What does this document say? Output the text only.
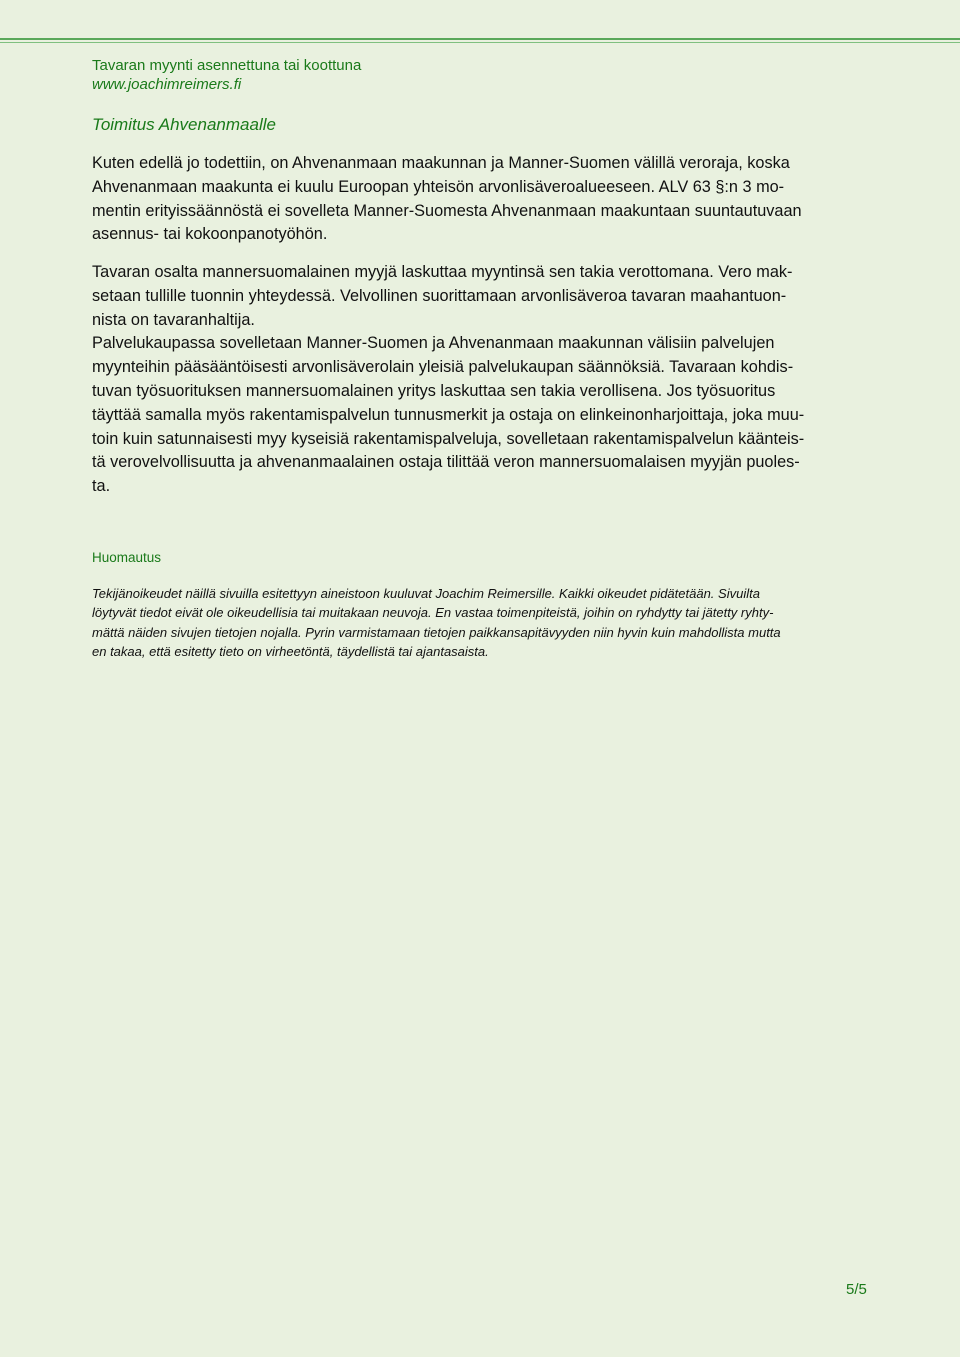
Tavaran myynti asennettuna tai koottuna
www.joachimreimers.fi
Toimitus Ahvenanmaalle

Kuten edellä jo todettiin, on Ahvenanmaan maakunnan ja Manner-Suomen välillä veroraja, koska

Ahvenanmaan maakunta ei kuulu Euroopan yhteisön arvonlisäveroalueeseen. ALV 63 §:n 3 mo-

mentin erityissäännöstä ei sovelleta Manner-Suomesta Ahvenanmaan maakuntaan suuntautuvaan

asennus- tai kokoonpanotyöhön.

Tavaran osalta mannersuomalainen myyjä laskuttaa myyntinsä sen takia verottomana. Vero mak-

setaan tullille tuonnin yhteydessä. Velvollinen suorittamaan arvonlisäveroa tavaran maahantuon-

nista on tavaranhaltija.

Palvelukaupassa sovelletaan Manner-Suomen ja Ahvenanmaan maakunnan välisiin palvelujen

myynteihin pääsääntöisesti arvonlisäverolain yleisiä palvelukaupan säännöksiä. Tavaraan kohdis-

tuvan työsuorituksen mannersuomalainen yritys laskuttaa sen takia verollisena. Jos työsuoritus

täyttää samalla myös rakentamispalvelun tunnusmerkit ja ostaja on elinkeinonharjoittaja, joka muu-

toin kuin satunnaisesti myy kyseisiä rakentamispalveluja, sovelletaan rakentamispalvelun käänteis-

tä verovelvollisuutta ja ahvenanmaalainen ostaja tilittää veron mannersuomalaisen myyjän puoles-

ta.

Huomautus
Tekijänoikeudet näillä sivuilla esitettyyn aineistoon kuuluvat Joachim Reimersille. Kaikki oikeudet pidätetään. Sivuilta
löytyvät tiedot eivät ole oikeudellisia tai muitakaan neuvoja. En vastaa toimenpiteistä, joihin on ryhdytty tai jätetty ryhty-
mättä näiden sivujen tietojen nojalla. Pyrin varmistamaan tietojen paikkansapitävyyden niin hyvin kuin mahdollista mutta
en takaa, että esitetty tieto on virheetöntä, täydellistä tai ajantasaista.
5/5
